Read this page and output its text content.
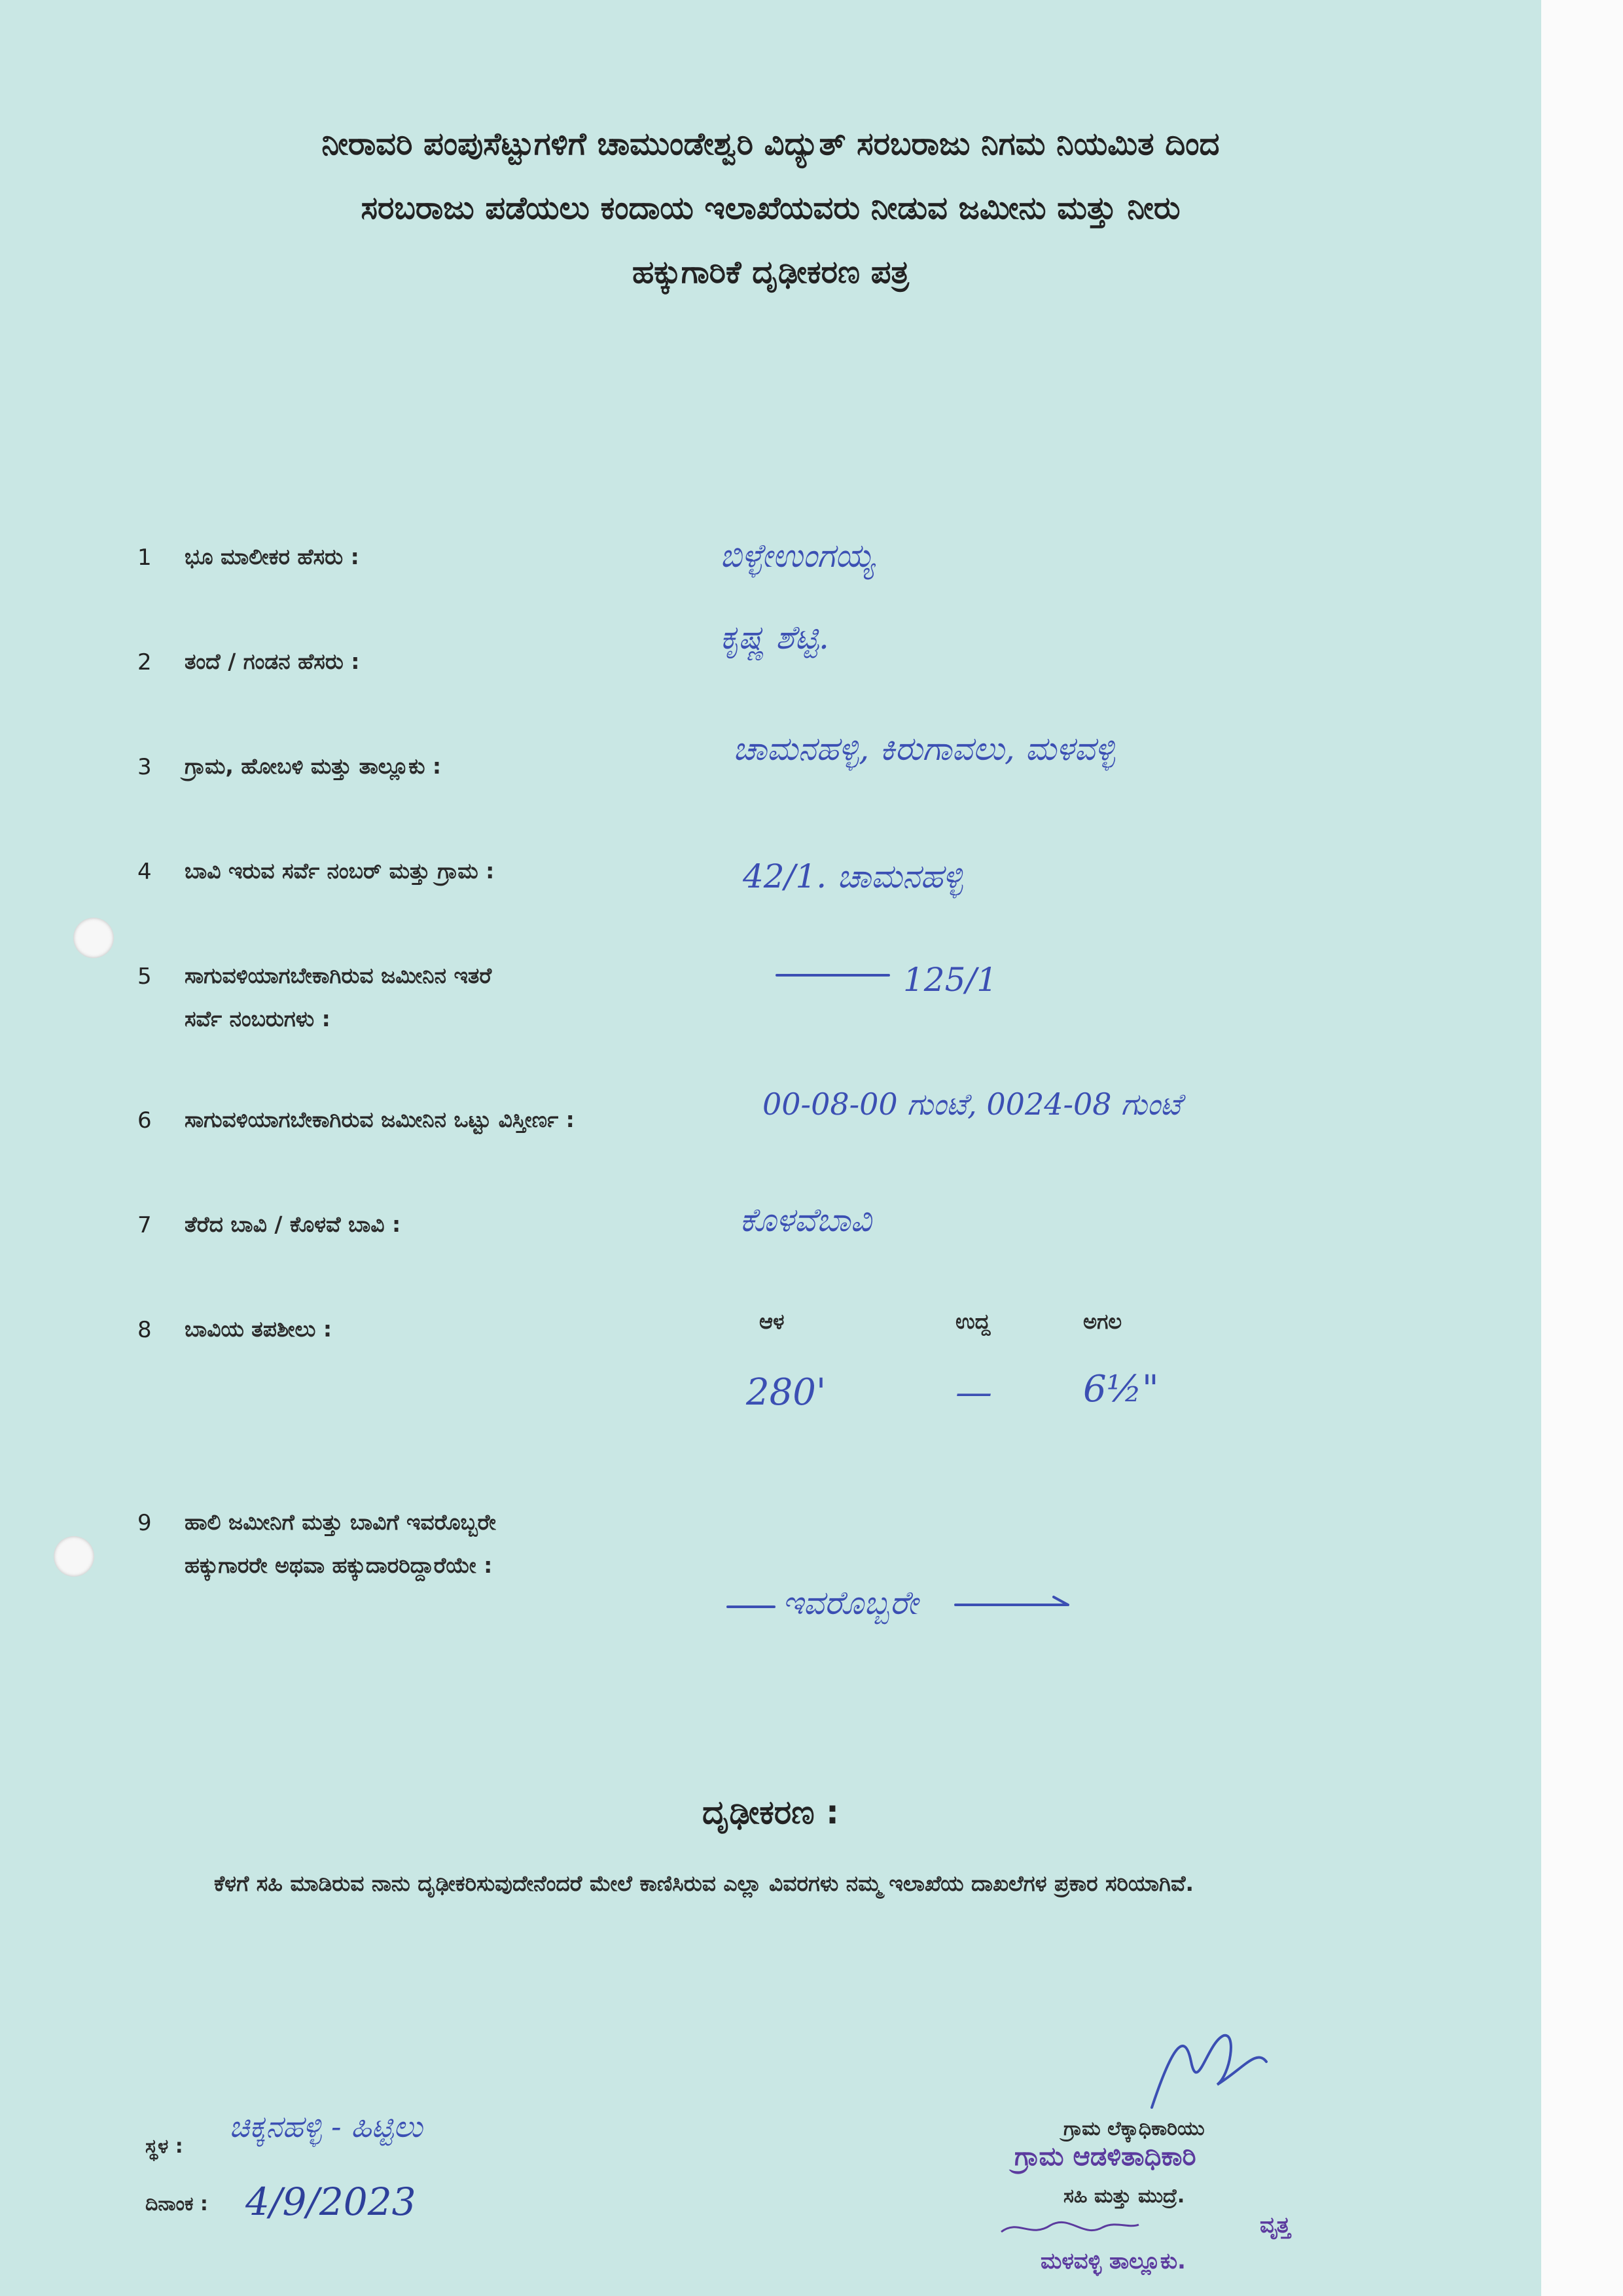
ನೀರಾವರಿ ಪಂಪುಸೆಟ್ಟುಗಳಿಗೆ ಚಾಮುಂಡೇಶ್ವರಿ ವಿದ್ಯುತ್ ಸರಬರಾಜು ನಿಗಮ ನಿಯಮಿತ ದಿಂದ
ಸರಬರಾಜು ಪಡೆಯಲು ಕಂದಾಯ ಇಲಾಖೆಯವರು ನೀಡುವ ಜಮೀನು ಮತ್ತು ನೀರು
ಹಕ್ಕುಗಾರಿಕೆ ದೃಢೀಕರಣ ಪತ್ರ
1	ಭೂ ಮಾಲೀಕರ ಹೆಸರು :	ಬಿಳ್ಳೇಉಂಗಯ್ಯ
2	ತಂದೆ / ಗಂಡನ ಹೆಸರು :
ಕೃಷ್ಣ ಶೆಟ್ಟಿ.
3	ಗ್ರಾಮ, ಹೋಬಳಿ ಮತ್ತು ತಾಲ್ಲೂಕು :	ಚಾಮನಹಳ್ಳಿ, ಕಿರುಗಾವಲು, ಮಳವಳ್ಳಿ
4	ಬಾವಿ ಇರುವ ಸರ್ವೆ ನಂಬರ್ ಮತ್ತು ಗ್ರಾಮ :	42/1. ಚಾಮನಹಳ್ಳಿ
5	ಸಾಗುವಳಿಯಾಗಬೇಕಾಗಿರುವ ಜಮೀನಿನ ಇತರೆ
ಸರ್ವೆ ನಂಬರುಗಳು :
125/1
6	ಸಾಗುವಳಿಯಾಗಬೇಕಾಗಿರುವ ಜಮೀನಿನ ಒಟ್ಟು ವಿಸ್ತೀರ್ಣ :	00-08-00 ಗುಂಟೆ, 0024-08 ಗುಂಟೆ
7	ತೆರೆದ ಬಾವಿ / ಕೊಳವೆ ಬಾವಿ :	ಕೊಳವೆಬಾವಿ
8	ಬಾವಿಯ ತಪಶೀಲು :	ಆಳ	ಉದ್ದ	ಅಗಲ
280'	— 6½"
9	ಹಾಲಿ ಜಮೀನಿಗೆ ಮತ್ತು ಬಾವಿಗೆ ಇವರೊಬ್ಬರೇ
ಹಕ್ಕುಗಾರರೇ ಅಥವಾ ಹಕ್ಕುದಾರರಿದ್ದಾರೆಯೇ :
ಇವರೊಬ್ಬರೇ
ದೃಢೀಕರಣ :
ಕೆಳಗೆ ಸಹಿ ಮಾಡಿರುವ ನಾನು ದೃಢೀಕರಿಸುವುದೇನೆಂದರೆ ಮೇಲೆ ಕಾಣಿಸಿರುವ ಎಲ್ಲಾ ವಿವರಗಳು ನಮ್ಮ ಇಲಾಖೆಯ ದಾಖಲೆಗಳ ಪ್ರಕಾರ ಸರಿಯಾಗಿವೆ.
ಸ್ಥಳ :
ಚಿಕ್ಕನಹಳ್ಳಿ - ಹಿಟ್ಟಿಲು
ದಿನಾಂಕ : 4/9/2023
ಗ್ರಾಮ ಲೆಕ್ಕಾಧಿಕಾರಿಯು
ಗ್ರಾಮ ಆಡಳಿತಾಧಿಕಾರಿ
ಸಹಿ ಮತ್ತು ಮುದ್ರೆ.
ವೃತ್ತ
ಮಳವಳ್ಳಿ ತಾಲ್ಲೂಕು.
